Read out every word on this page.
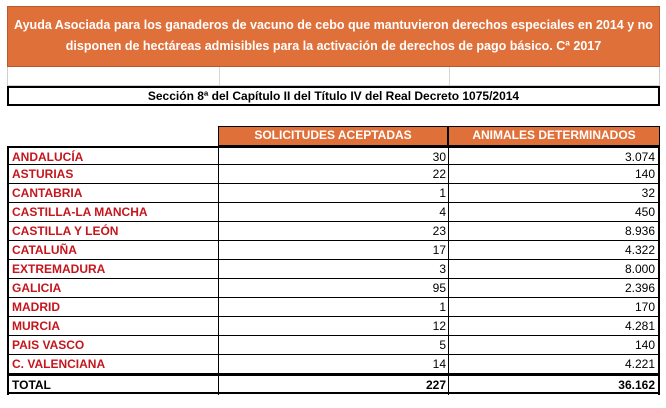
Ayuda Asociada para los ganaderos de vacuno de cebo que mantuvieron derechos especiales en 2014 y no
disponen de hectáreas admisibles para la activación de derechos de pago básico. Cª 2017
Sección 8ª del Capítulo II del Título IV del Real Decreto 1075/2014
SOLICITUDES ACEPTADAS	ANIMALES DETERMINADOS
ANDALUCÍA	30	3.074
ASTURIAS	22	140
CANTABRIA	1	32
CASTILLA-LA MANCHA	4	450
CASTILLA Y LEÓN	23	8.936
CATALUÑA	17	4.322
EXTREMADURA	3	8.000
GALICIA	95	2.396
MADRID	1	170
MURCIA	12	4.281
PAIS VASCO	5	140
C. VALENCIANA	14	4.221
TOTAL	227	36.162
